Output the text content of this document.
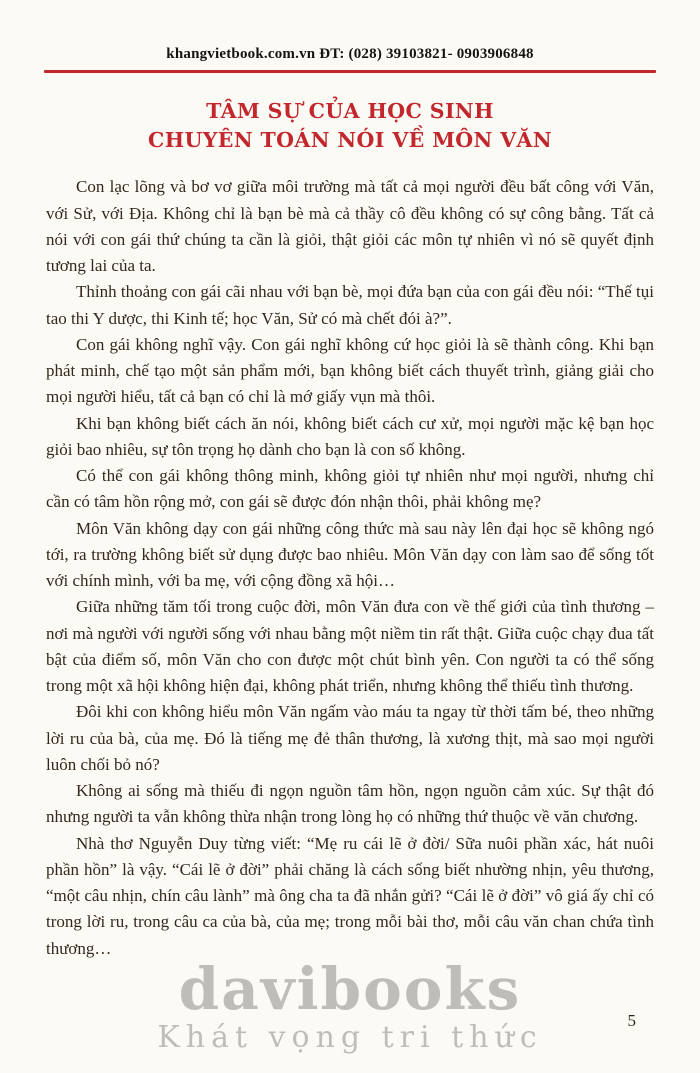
khangvietbook.com.vn ĐT: (028) 39103821- 0903906848
TÂM SỰ CỦA HỌC SINH
CHUYÊN TOÁN NÓI VỀ MÔN VĂN

Con lạc lõng và bơ vơ giữa môi trường mà tất cả mọi người đều bất công với Văn, với Sử, với Địa. Không chỉ là bạn bè mà cả thầy cô đều không có sự công bằng. Tất cả nói với con gái thứ chúng ta cần là giỏi, thật giỏi các môn tự nhiên vì nó sẽ quyết định tương lai của ta.

Thỉnh thoảng con gái cãi nhau với bạn bè, mọi đứa bạn của con gái đều nói: “Thế tụi tao thi Y dược, thi Kinh tế; học Văn, Sử có mà chết đói à?”.

Con gái không nghĩ vậy. Con gái nghĩ không cứ học giỏi là sẽ thành công. Khi bạn phát minh, chế tạo một sản phẩm mới, bạn không biết cách thuyết trình, giảng giải cho mọi người hiểu, tất cả bạn có chỉ là mớ giấy vụn mà thôi.

Khi bạn không biết cách ăn nói, không biết cách cư xử, mọi người mặc kệ bạn học giỏi bao nhiêu, sự tôn trọng họ dành cho bạn là con số không.

Có thể con gái không thông minh, không giỏi tự nhiên như mọi người, nhưng chỉ cần có tâm hồn rộng mở, con gái sẽ được đón nhận thôi, phải không mẹ?

Môn Văn không dạy con gái những công thức mà sau này lên đại học sẽ không ngó tới, ra trường không biết sử dụng được bao nhiêu. Môn Văn dạy con làm sao để sống tốt với chính mình, với ba mẹ, với cộng đồng xã hội…

Giữa những tăm tối trong cuộc đời, môn Văn đưa con về thế giới của tình thương – nơi mà người với người sống với nhau bằng một niềm tin rất thật. Giữa cuộc chạy đua tất bật của điểm số, môn Văn cho con được một chút bình yên. Con người ta có thể sống trong một xã hội không hiện đại, không phát triển, nhưng không thể thiếu tình thương.

Đôi khi con không hiểu môn Văn ngấm vào máu ta ngay từ thời tấm bé, theo những lời ru của bà, của mẹ. Đó là tiếng mẹ đẻ thân thương, là xương thịt, mà sao mọi người luôn chối bỏ nó?

Không ai sống mà thiếu đi ngọn nguồn tâm hồn, ngọn nguồn cảm xúc. Sự thật đó nhưng người ta vẫn không thừa nhận trong lòng họ có những thứ thuộc về văn chương.

Nhà thơ Nguyễn Duy từng viết: “Mẹ ru cái lẽ ở đời/ Sữa nuôi phần xác, hát nuôi phần hồn” là vậy. “Cái lẽ ở đời” phải chăng là cách sống biết nhường nhịn, yêu thương, “một câu nhịn, chín câu lành” mà ông cha ta đã nhắn gửi? “Cái lẽ ở đời” vô giá ấy chỉ có trong lời ru, trong câu ca của bà, của mẹ; trong mỗi bài thơ, mỗi câu văn chan chứa tình thương…

davibooks
Khát vọng tri thức	5
